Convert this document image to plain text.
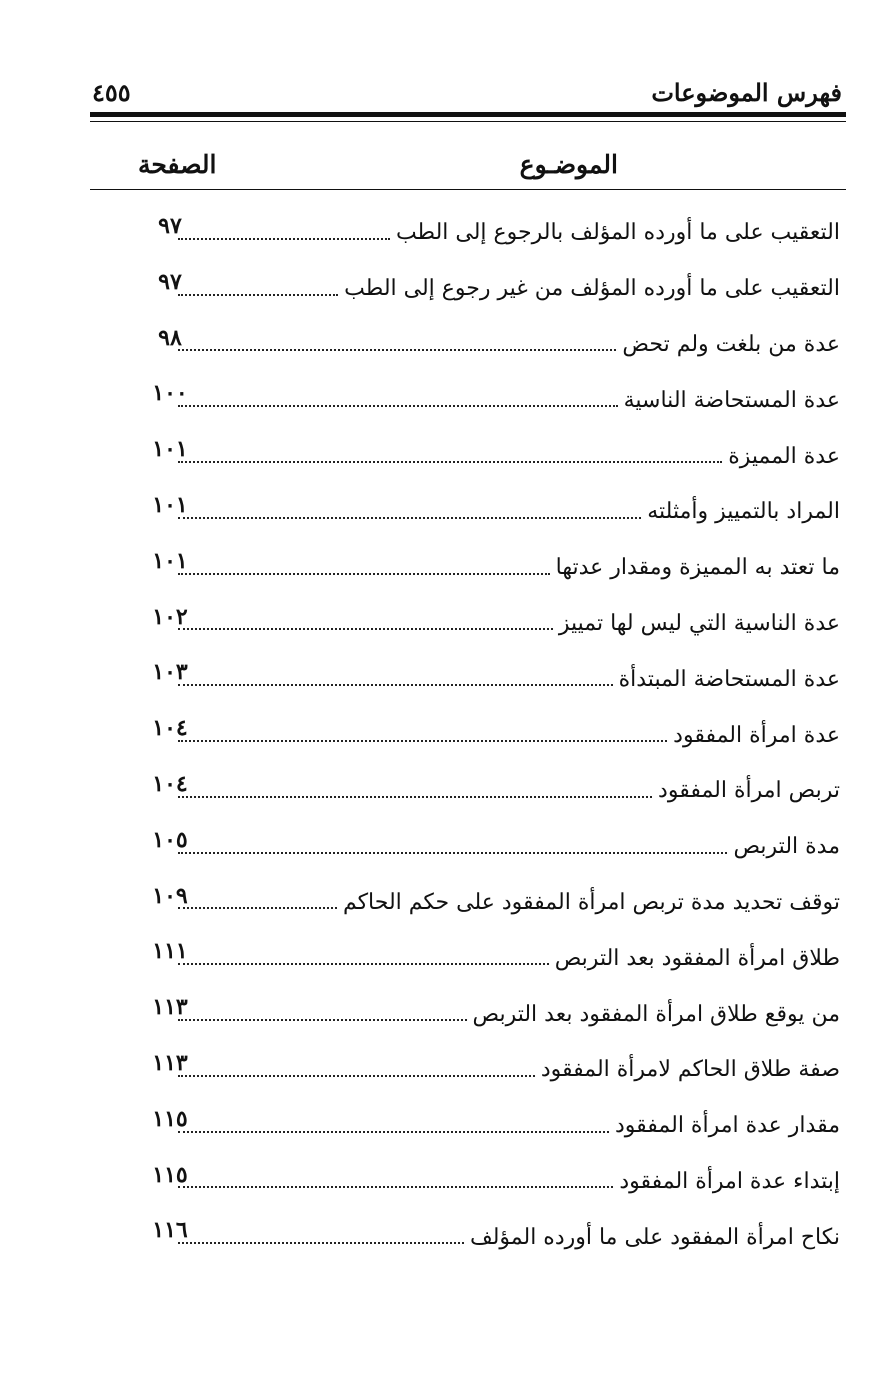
فهرس الموضوعات
٤٥٥
الموضـوع
الصفحة
التعقيب على ما أورده المؤلف بالرجوع إلى الطب
٩٧
التعقيب على ما أورده المؤلف من غير رجوع إلى الطب
٩٧
عدة من بلغت ولم تحض
٩٨
عدة المستحاضة الناسية
١٠٠
عدة المميزة
١٠١
المراد بالتمييز وأمثلته
١٠١
ما تعتد به المميزة ومقدار عدتها
١٠١
عدة الناسية التي ليس لها تمييز
١٠٢
عدة المستحاضة المبتدأة
١٠٣
عدة امرأة المفقود
١٠٤
تربص امرأة المفقود
١٠٤
مدة التربص
١٠٥
توقف تحديد مدة تربص امرأة المفقود على حكم الحاكم
١٠٩
طلاق امرأة المفقود بعد التربص
١١١
من يوقع طلاق امرأة المفقود بعد التربص
١١٣
صفة طلاق الحاكم لامرأة المفقود
١١٣
مقدار عدة امرأة المفقود
١١٥
إبتداء عدة امرأة المفقود
١١٥
نكاح امرأة المفقود على ما أورده المؤلف
١١٦
